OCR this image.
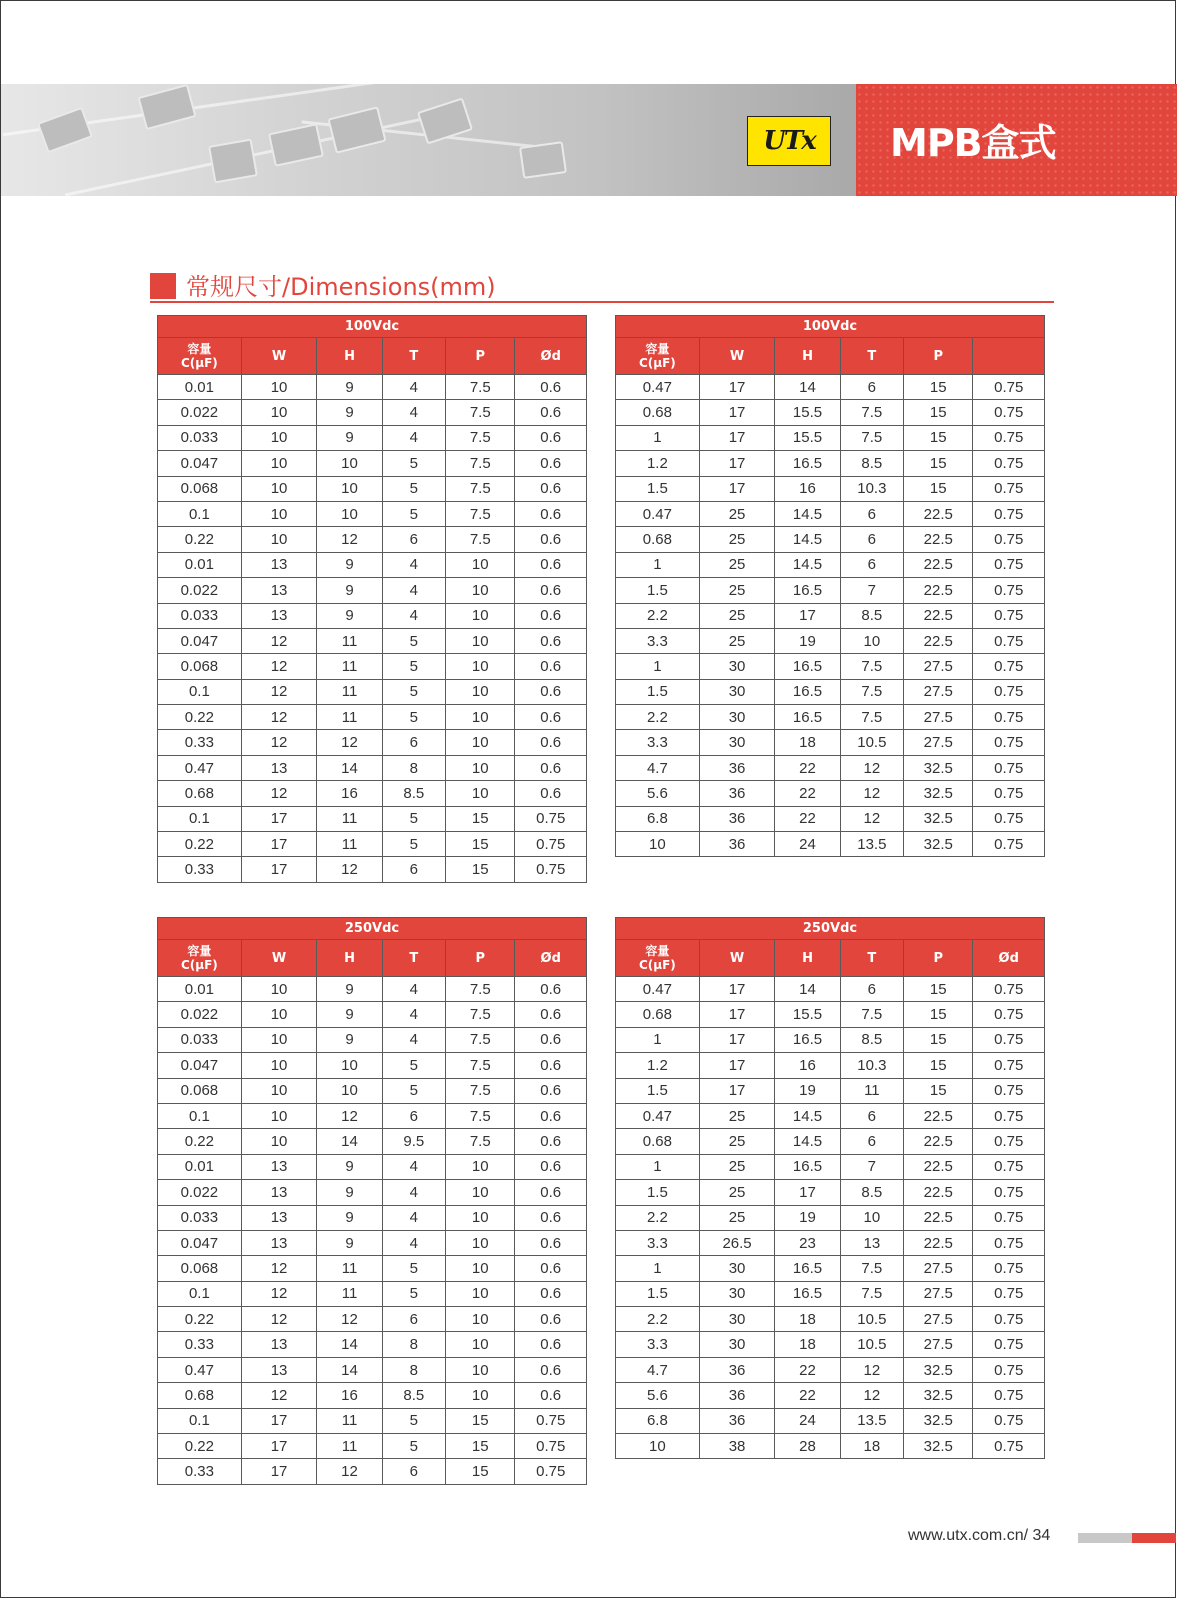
UTx MPB盒式
常规尺寸/Dimensions(mm)
100Vdc					

容量
C(μF)	W	H	T	P	Ød
0.01	10	9	4	7.5	0.6
0.022	10	9	4	7.5	0.6
0.033	10	9	4	7.5	0.6
0.047	10	10	5	7.5	0.6
0.068	10	10	5	7.5	0.6
0.1	10	10	5	7.5	0.6
0.22	10	12	6	7.5	0.6
0.01	13	9	4	10	0.6
0.022	13	9	4	10	0.6
0.033	13	9	4	10	0.6
0.047	12	11	5	10	0.6
0.068	12	11	5	10	0.6
0.1	12	11	5	10	0.6
0.22	12	11	5	10	0.6
0.33	12	12	6	10	0.6
0.47	13	14	8	10	0.6
0.68	12	16	8.5	10	0.6
0.1	17	11	5	15	0.75
0.22	17	11	5	15	0.75
0.33	17	12	6	15	0.75
100Vdc					

容量
C(μF)	W	H	T	P	
0.47	17	14	6	15	0.75
0.68	17	15.5	7.5	15	0.75
1	17	15.5	7.5	15	0.75
1.2	17	16.5	8.5	15	0.75
1.5	17	16	10.3	15	0.75
0.47	25	14.5	6	22.5	0.75
0.68	25	14.5	6	22.5	0.75
1	25	14.5	6	22.5	0.75
1.5	25	16.5	7	22.5	0.75
2.2	25	17	8.5	22.5	0.75
3.3	25	19	10	22.5	0.75
1	30	16.5	7.5	27.5	0.75
1.5	30	16.5	7.5	27.5	0.75
2.2	30	16.5	7.5	27.5	0.75
3.3	30	18	10.5	27.5	0.75
4.7	36	22	12	32.5	0.75
5.6	36	22	12	32.5	0.75
6.8	36	22	12	32.5	0.75
10	36	24	13.5	32.5	0.75
250Vdc					

容量
C(μF)	W	H	T	P	Ød
0.01	10	9	4	7.5	0.6
0.022	10	9	4	7.5	0.6
0.033	10	9	4	7.5	0.6
0.047	10	10	5	7.5	0.6
0.068	10	10	5	7.5	0.6
0.1	10	12	6	7.5	0.6
0.22	10	14	9.5	7.5	0.6
0.01	13	9	4	10	0.6
0.022	13	9	4	10	0.6
0.033	13	9	4	10	0.6
0.047	13	9	4	10	0.6
0.068	12	11	5	10	0.6
0.1	12	11	5	10	0.6
0.22	12	12	6	10	0.6
0.33	13	14	8	10	0.6
0.47	13	14	8	10	0.6
0.68	12	16	8.5	10	0.6
0.1	17	11	5	15	0.75
0.22	17	11	5	15	0.75
0.33	17	12	6	15	0.75
250Vdc					

容量
C(μF)	W	H	T	P	Ød
0.47	17	14	6	15	0.75
0.68	17	15.5	7.5	15	0.75
1	17	16.5	8.5	15	0.75
1.2	17	16	10.3	15	0.75
1.5	17	19	11	15	0.75
0.47	25	14.5	6	22.5	0.75
0.68	25	14.5	6	22.5	0.75
1	25	16.5	7	22.5	0.75
1.5	25	17	8.5	22.5	0.75
2.2	25	19	10	22.5	0.75
3.3	26.5	23	13	22.5	0.75
1	30	16.5	7.5	27.5	0.75
1.5	30	16.5	7.5	27.5	0.75
2.2	30	18	10.5	27.5	0.75
3.3	30	18	10.5	27.5	0.75
4.7	36	22	12	32.5	0.75
5.6	36	22	12	32.5	0.75
6.8	36	24	13.5	32.5	0.75
10	38	28	18	32.5	0.75
www.utx.com.cn/ 34
